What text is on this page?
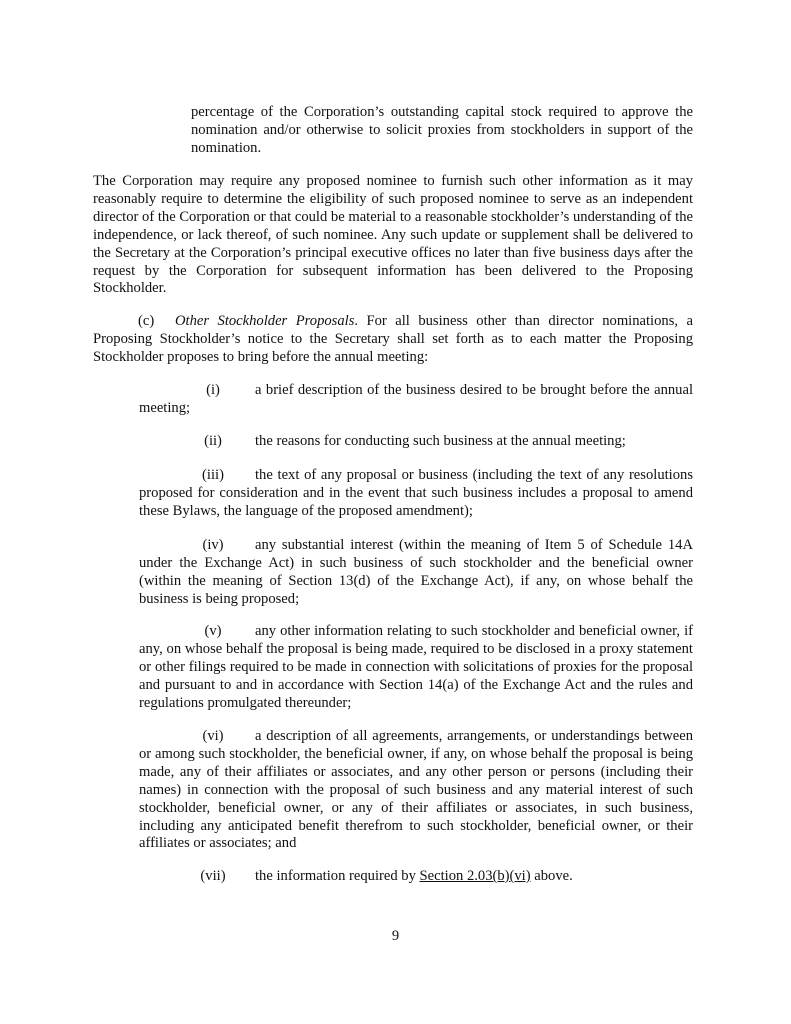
percentage of the Corporation’s outstanding capital stock required to approve the nomination and/or otherwise to solicit proxies from stockholders in support of the nomination.

The Corporation may require any proposed nominee to furnish such other information as it may reasonably require to determine the eligibility of such proposed nominee to serve as an independent director of the Corporation or that could be material to a reasonable stockholder’s understanding of the independence, or lack thereof, of such nominee. Any such update or supplement shall be delivered to the Secretary at the Corporation’s principal executive offices no later than five business days after the request by the Corporation for subsequent information has been delivered to the Proposing Stockholder.

(c) Other Stockholder Proposals. For all business other than director nominations, a Proposing Stockholder’s notice to the Secretary shall set forth as to each matter the Proposing Stockholder proposes to bring before the annual meeting:

(i) a brief description of the business desired to be brought before the annual meeting;

(ii) the reasons for conducting such business at the annual meeting;

(iii) the text of any proposal or business (including the text of any resolutions proposed for consideration and in the event that such business includes a proposal to amend these Bylaws, the language of the proposed amendment);

(iv) any substantial interest (within the meaning of Item 5 of Schedule 14A under the Exchange Act) in such business of such stockholder and the beneficial owner (within the meaning of Section 13(d) of the Exchange Act), if any, on whose behalf the business is being proposed;

(v) any other information relating to such stockholder and beneficial owner, if any, on whose behalf the proposal is being made, required to be disclosed in a proxy statement or other filings required to be made in connection with solicitations of proxies for the proposal and pursuant to and in accordance with Section 14(a) of the Exchange Act and the rules and regulations promulgated thereunder;

(vi) a description of all agreements, arrangements, or understandings between or among such stockholder, the beneficial owner, if any, on whose behalf the proposal is being made, any of their affiliates or associates, and any other person or persons (including their names) in connection with the proposal of such business and any material interest of such stockholder, beneficial owner, or any of their affiliates or associates, in such business, including any anticipated benefit therefrom to such stockholder, beneficial owner, or their affiliates or associates; and

(vii) the information required by Section 2.03(b)(vi) above.

9
